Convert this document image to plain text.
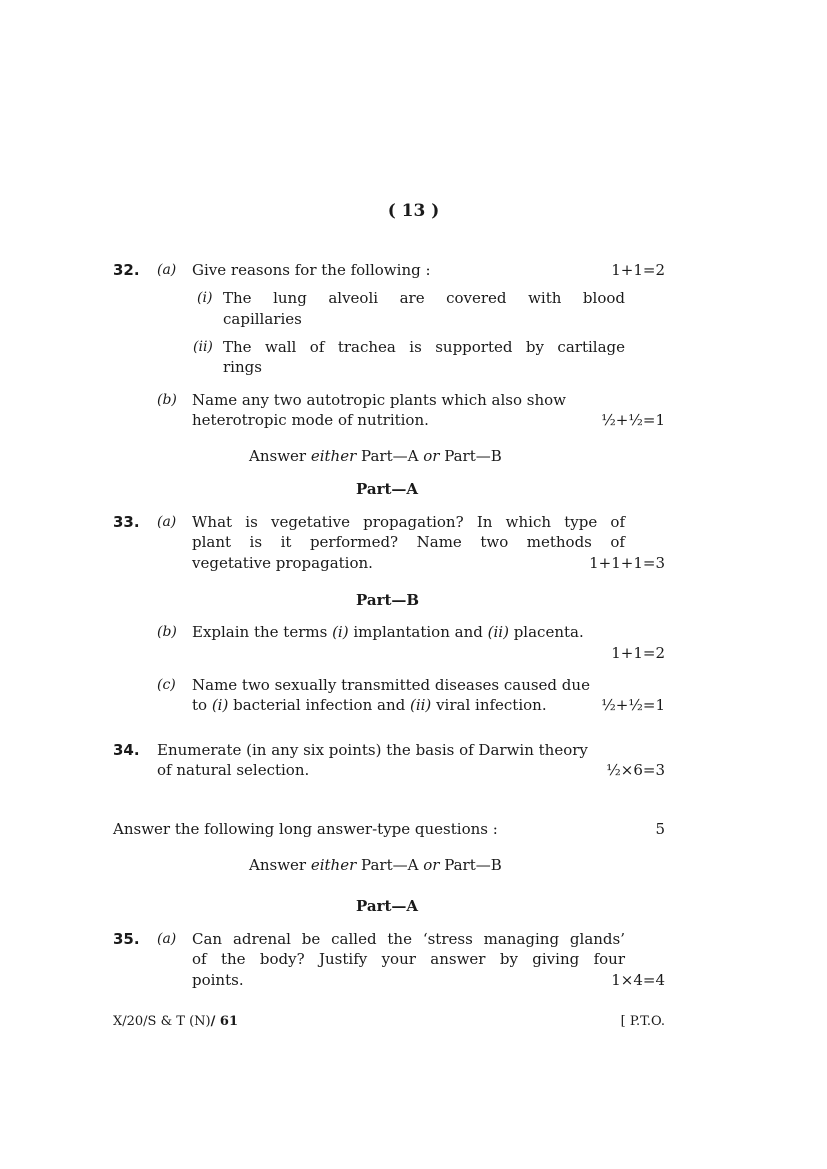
( 13 )
32. (a) Give reasons for the following :	1+1=2
(i) The lung alveoli are covered with blood
capillaries
(ii) The wall of trachea is supported by cartilage
rings
(b) Name any two autotropic plants which also show
heterotropic mode of nutrition.	½+½=1
Answer either Part—A or Part—B
Part—A
33. (a) What is vegetative propagation? In which type of
plant is it performed? Name two methods of
vegetative propagation.	1+1+1=3
Part—B
(b) Explain the terms (i) implantation and (ii) placenta.
1+1=2
(c) Name two sexually transmitted diseases caused due
to (i) bacterial infection and (ii) viral infection.	½+½=1
34. Enumerate (in any six points) the basis of Darwin theory
of natural selection.	½×6=3
Answer the following long answer-type questions :	5
Answer either Part—A or Part—B
Part—A
35. (a) Can adrenal be called the ‘stress managing glands’
of the body? Justify your answer by giving four
points.	1×4=4
X/20/S & T (N)/ 61	[ P.T.O.
